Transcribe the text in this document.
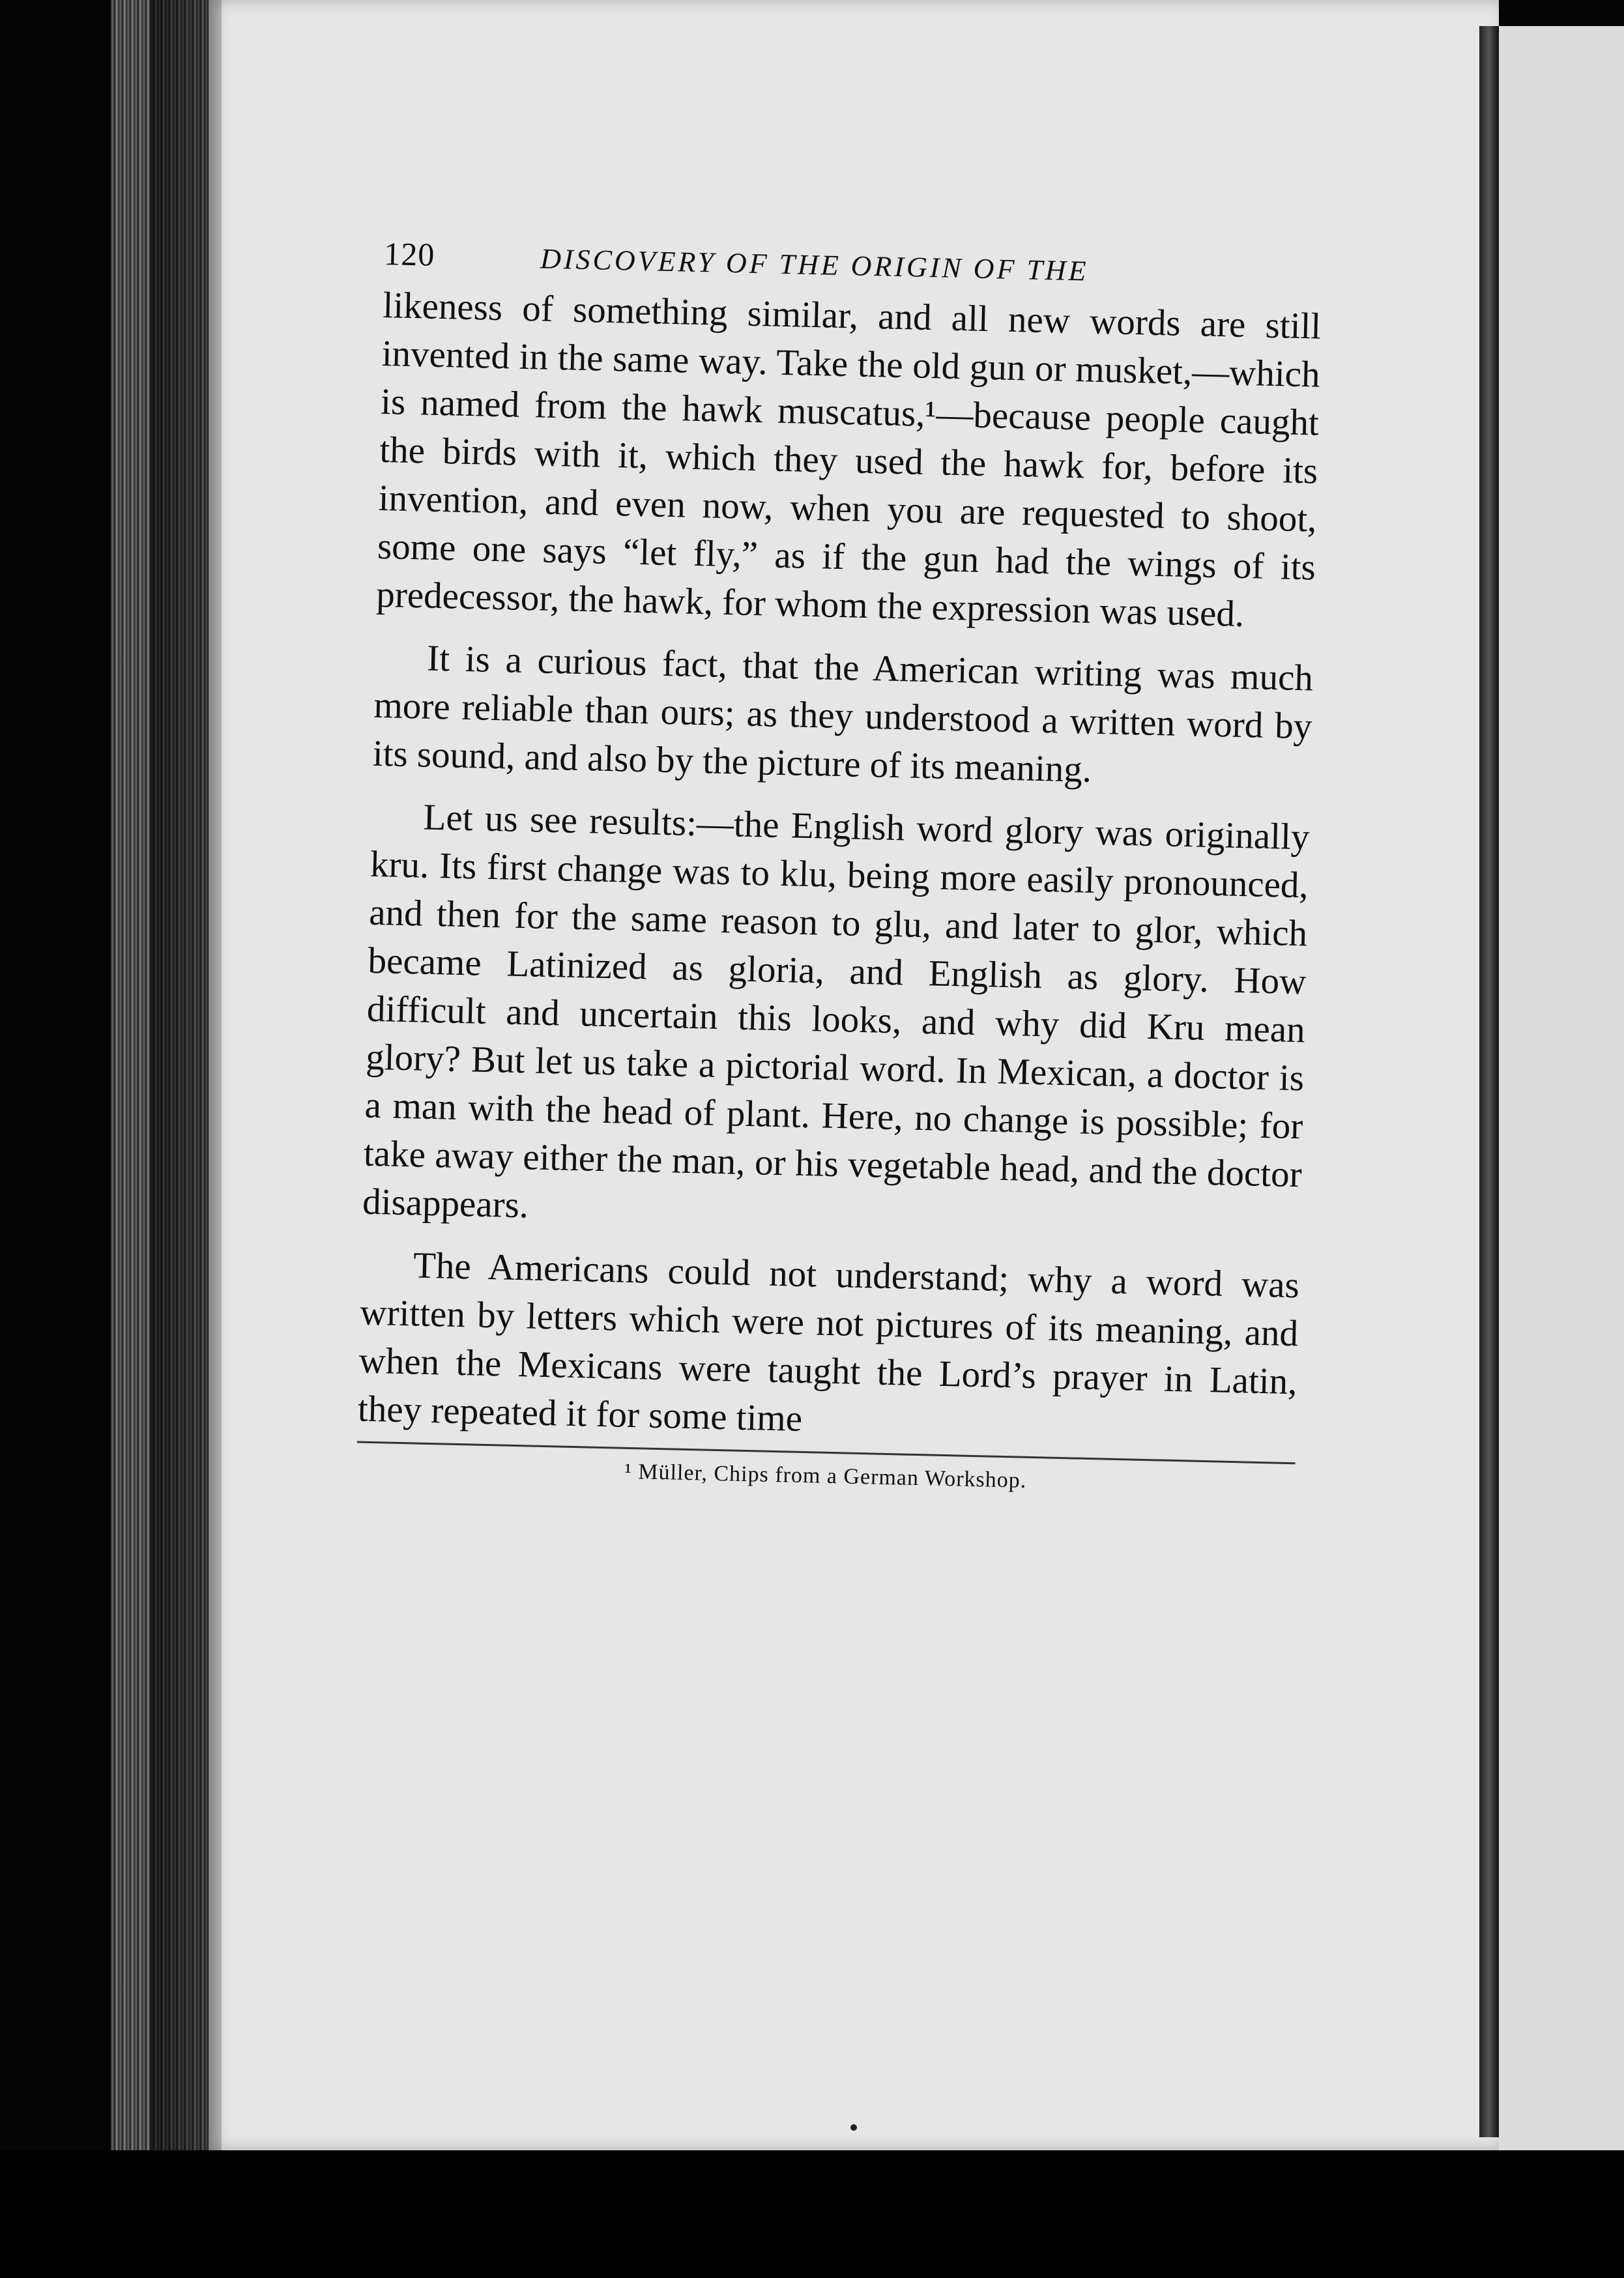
120	DISCOVERY OF THE ORIGIN OF THE

likeness of something similar, and all new words are still invented in the same way. Take the old gun or musket,—which is named from the hawk muscatus,¹—because people caught the birds with it, which they used the hawk for, before its invention, and even now, when you are requested to shoot, some one says “let fly,” as if the gun had the wings of its predecessor, the hawk, for whom the expression was used.

It is a curious fact, that the American writing was much more reliable than ours; as they understood a written word by its sound, and also by the picture of its meaning.

Let us see results:—the English word glory was originally kru. Its first change was to klu, being more easily pronounced, and then for the same reason to glu, and later to glor, which became Latinized as gloria, and English as glory. How difficult and uncertain this looks, and why did Kru mean glory? But let us take a pictorial word. In Mexican, a doctor is a man with the head of plant. Here, no change is possible; for take away either the man, or his vegetable head, and the doctor disappears.

The Americans could not understand; why a word was written by letters which were not pictures of its meaning, and when the Mexicans were taught the Lord’s prayer in Latin, they repeated it for some time

¹ Müller, Chips from a German Workshop.
